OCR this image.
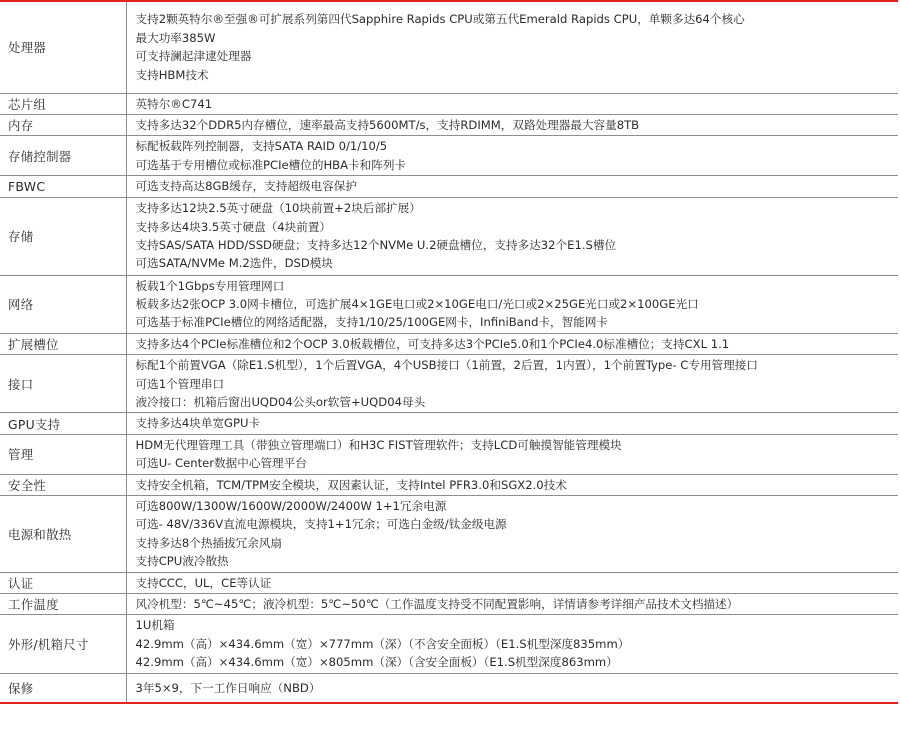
处理器	支持2颗英特尔®至强®可扩展系列第四代Sapphire Rapids CPU或第五代Emerald Rapids CPU，单颗多达64个核心
最大功率385W
可支持澜起津逮处理器
支持HBM技术

芯片组	英特尔®C741

内存	支持多达32个DDR5内存槽位，速率最高支持5600MT/s，支持RDIMM，双路处理器最大容量8TB

存储控制器	标配板载阵列控制器，支持SATA RAID 0/1/10/5
可选基于专用槽位或标准PCIe槽位的HBA卡和阵列卡

FBWC	可选支持高达8GB缓存，支持超级电容保护

存储	支持多达12块2.5英寸硬盘（10块前置+2块后部扩展）
支持多达4块3.5英寸硬盘（4块前置）
支持SAS/SATA HDD/SSD硬盘；支持多达12个NVMe U.2硬盘槽位，支持多达32个E1.S槽位
可选SATA/NVMe M.2选件，DSD模块

网络	板载1个1Gbps专用管理网口
板载多达2张OCP 3.0网卡槽位，可选扩展4×1GE电口或2×10GE电口/光口或2×25GE光口或2×100GE光口
可选基于标准PCIe槽位的网络适配器，支持1/10/25/100GE网卡，InfiniBand卡，智能网卡

扩展槽位	支持多达4个PCIe标准槽位和2个OCP 3.0板载槽位，可支持多达3个PCIe5.0和1个PCIe4.0标准槽位；支持CXL 1.1

接口	标配1个前置VGA（除E1.S机型），1个后置VGA，4个USB接口（1前置，2后置，1内置），1个前置Type- C专用管理接口
可选1个管理串口
液冷接口：机箱后窗出UQD04公头or软管+UQD04母头

GPU支持	支持多达4块单宽GPU卡

管理	HDM无代理管理工具（带独立管理端口）和H3C FIST管理软件；支持LCD可触摸智能管理模块
可选U- Center数据中心管理平台

安全性	支持安全机箱，TCM/TPM安全模块，双因素认证，支持Intel PFR3.0和SGX2.0技术

电源和散热	可选800W/1300W/1600W/2000W/2400W 1+1冗余电源
可选- 48V/336V直流电源模块，支持1+1冗余；可选白金级/钛金级电源
支持多达8个热插拔冗余风扇
支持CPU液冷散热

认证	支持CCC，UL，CE等认证

工作温度	风冷机型：5℃~45℃；液冷机型：5℃~50℃（工作温度支持受不同配置影响，详情请参考详细产品技术文档描述）

外形/机箱尺寸	1U机箱
42.9mm（高）×434.6mm（宽）×777mm（深）（不含安全面板）（E1.S机型深度835mm）
42.9mm（高）×434.6mm（宽）×805mm（深）（含安全面板）（E1.S机型深度863mm）

保修	3年5×9，下一工作日响应（NBD）
